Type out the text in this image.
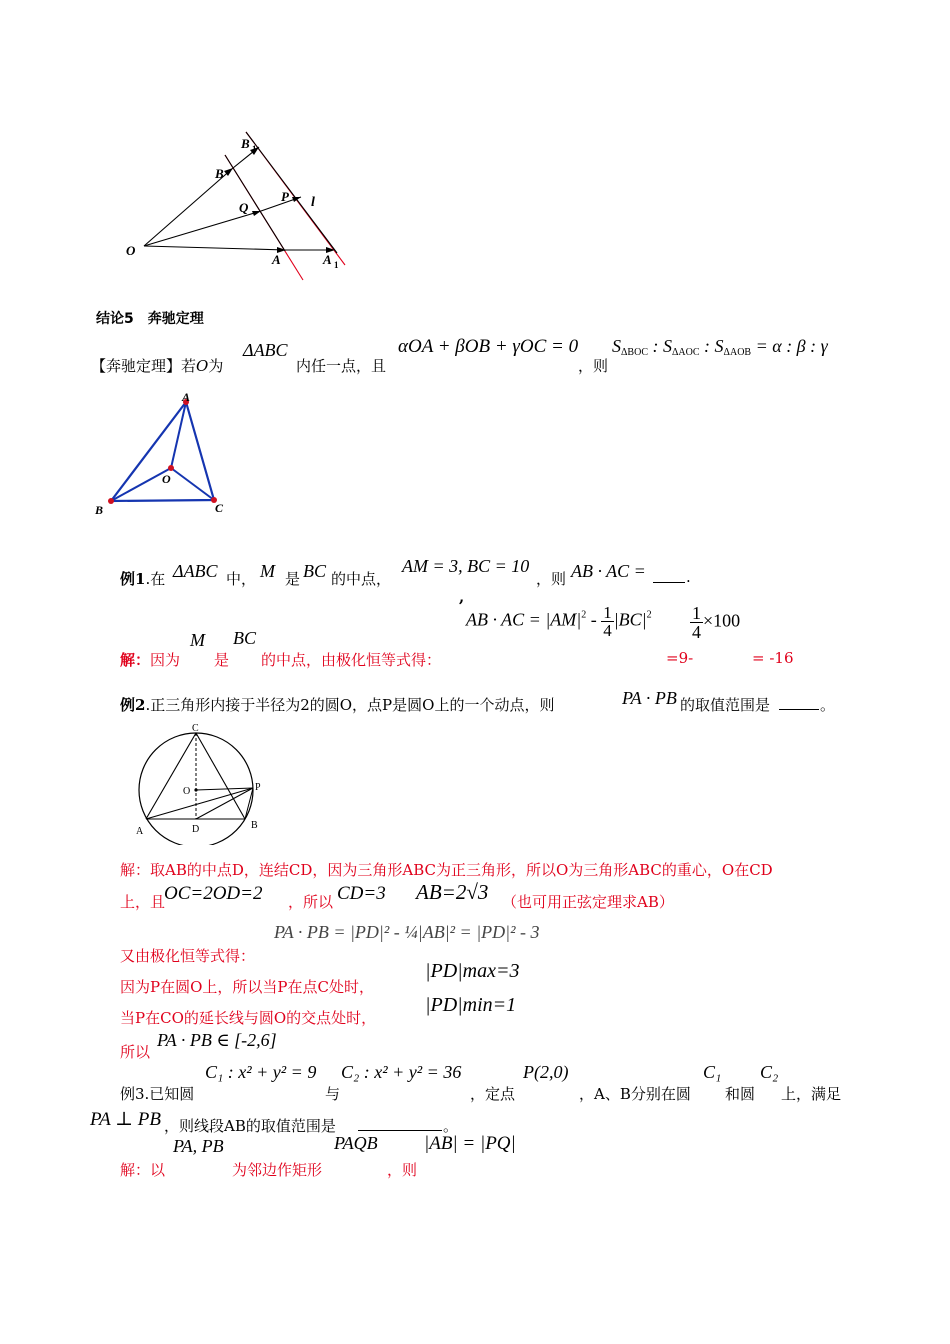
B 1
B
P l
Q
O
A	A 1
结论5　奔驰定理
【奔驰定理】若O为
ΔABC
内任一点，且
αOA + βOB + γOC = 0
，则
$S_{\Delta BOC}$ : $S_{\Delta AOC}$ : $S_{\Delta AOB} = \alpha$ : β : γ
A
B	C
O
例1.在 ΔABC 中， M 是 BC 的中点，
AM = 3, BC = 10
，则 AB · AC =	.
,
M BC
解：因为 是 的中点，由极化恒等式得：
AB · AC = $|AM|^2 - \frac{1}{4} |BC|^2 \frac{1}{4} \times 100$
=9-	= -16
例2.正三角形内接于半径为2的圆O，点P是圆O上的一个动点，则	PA · PB 的取值范围是	。
C
O	P
A	D	B
解：取AB的中点D，连结CD，因为三角形ABC为正三角形，所以O为三角形ABC的重心，O在CD
上，且
OC=2OD=2 ，所以 CD=3 AB=2√3 （也可用正弦定理求AB）
PA · PB = |PD|² - ¼|AB|² = |PD|² - 3
又由极化恒等式得：
因为P在圆O上，所以当P在点C处时，
|PD|max=3
当P在CO的延长线与圆O的交点处时，
|PD|min=1
所以
PA · PB ∈ [-2,6]
例3.已知圆
C₁ : x² + y² = 9
与
C₂ : x² + y² = 36
，定点
P(2,0)
，A、B分别在圆
C₁
和圆
C₂
上，满足
PA ⊥ PB ，则线段AB的取值范围是	。
PA, PB	PAQB |AB| = |PQ|
解：以	为邻边作矩形	，则
